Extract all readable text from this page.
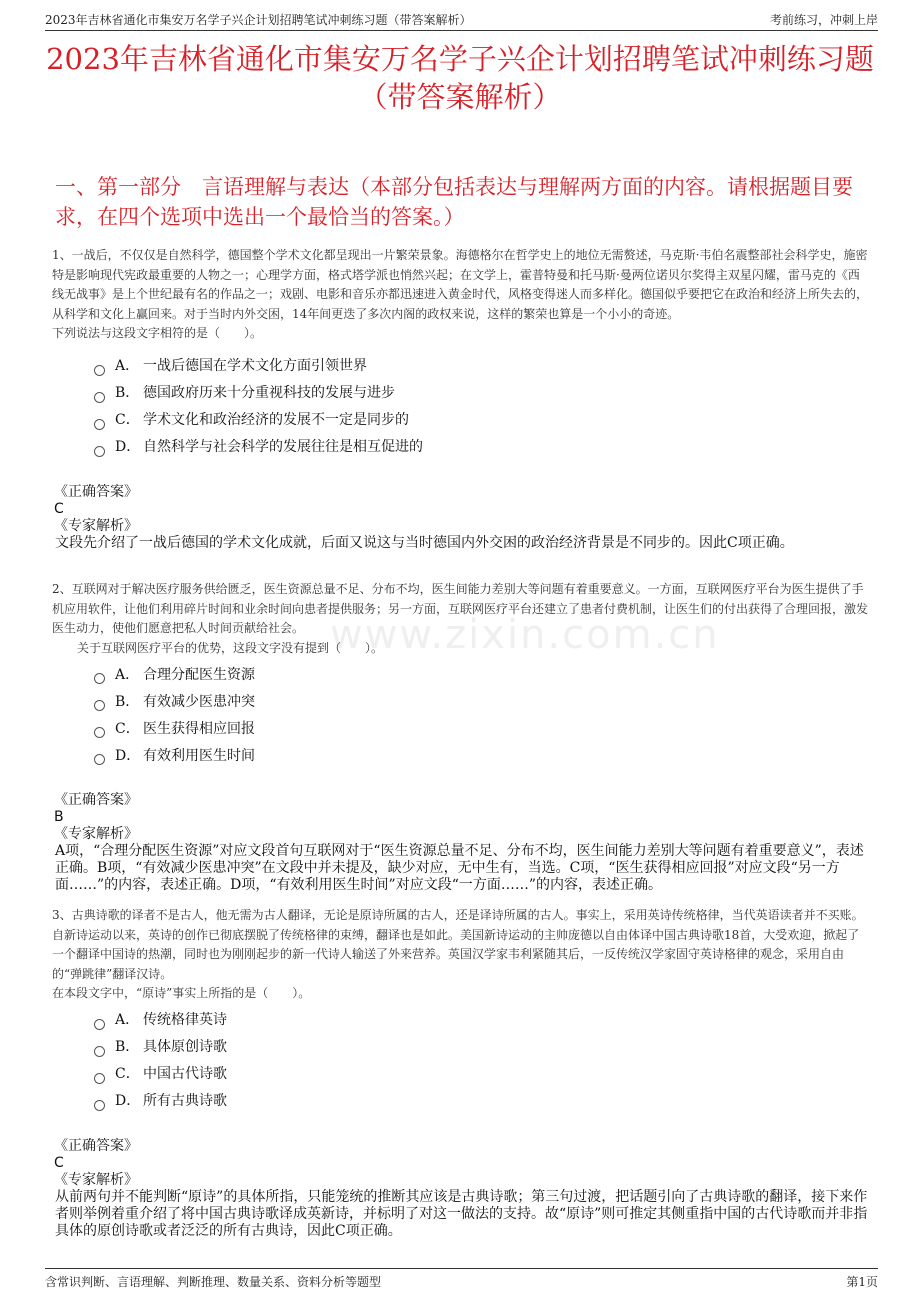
2023年吉林省通化市集安万名学子兴企计划招聘笔试冲刺练习题（带答案解析）	考前练习，冲刺上岸
2023年吉林省通化市集安万名学子兴企计划招聘笔试冲刺练习题（带答案解析）
一、第一部分　言语理解与表达（本部分包括表达与理解两方面的内容。请根据题目要求，在四个选项中选出一个最恰当的答案。）
www.zixin.com.cn

1、一战后，不仅仅是自然科学，德国整个学术文化都呈现出一片繁荣景象。海德格尔在哲学史上的地位无需赘述，马克斯·韦伯名震整部社会科学史，施密特是影响现代宪政最重要的人物之一；心理学方面，格式塔学派也悄然兴起；在文学上，霍普特曼和托马斯·曼两位诺贝尔奖得主双星闪耀，雷马克的《西线无战事》是上个世纪最有名的作品之一；戏剧、电影和音乐亦都迅速进入黄金时代，风格变得迷人而多样化。德国似乎要把它在政治和经济上所失去的，从科学和文化上赢回来。对于当时内外交困，14年间更迭了多次内阁的政权来说，这样的繁荣也算是一个小小的奇迹。

下列说法与这段文字相符的是（　　）。

A． 一战后德国在学术文化方面引领世界
B． 德国政府历来十分重视科技的发展与进步
C． 学术文化和政治经济的发展不一定是同步的
D． 自然科学与社会科学的发展往往是相互促进的
《正确答案》
C
《专家解析》
文段先介绍了一战后德国的学术文化成就，后面又说这与当时德国内外交困的政治经济背景是不同步的。因此C项正确。

2、互联网对于解决医疗服务供给匮乏，医生资源总量不足、分布不均，医生间能力差别大等问题有着重要意义。一方面，互联网医疗平台为医生提供了手机应用软件，让他们利用碎片时间和业余时间向患者提供服务；另一方面，互联网医疗平台还建立了患者付费机制，让医生们的付出获得了合理回报，激发医生动力，使他们愿意把私人时间贡献给社会。

关于互联网医疗平台的优势，这段文字没有提到（　　）。

A． 合理分配医生资源
B． 有效减少医患冲突
C． 医生获得相应回报
D． 有效利用医生时间
《正确答案》
B
《专家解析》
A项，“合理分配医生资源”对应文段首句互联网对于“医生资源总量不足、分布不均，医生间能力差别大等问题有着重要意义”，表述正确。B项，“有效减少医患冲突”在文段中并未提及，缺少对应，无中生有，当选。C项，“医生获得相应回报”对应文段“另一方面……”的内容，表述正确。D项，“有效利用医生时间”对应文段“一方面……”的内容，表述正确。

3、古典诗歌的译者不是古人，他无需为古人翻译，无论是原诗所属的古人，还是译诗所属的古人。事实上，采用英诗传统格律，当代英语读者并不买账。自新诗运动以来，英诗的创作已彻底摆脱了传统格律的束缚，翻译也是如此。美国新诗运动的主帅庞德以自由体译中国古典诗歌18首，大受欢迎，掀起了一个翻译中国诗的热潮，同时也为刚刚起步的新一代诗人输送了外来营养。英国汉学家韦利紧随其后，一反传统汉学家固守英诗格律的观念，采用自由的“弹跳律”翻译汉诗。

在本段文字中，“原诗”事实上所指的是（　　）。

A． 传统格律英诗
B． 具体原创诗歌
C． 中国古代诗歌
D． 所有古典诗歌
《正确答案》
C
《专家解析》
从前两句并不能判断“原诗”的具体所指，只能笼统的推断其应该是古典诗歌；第三句过渡，把话题引向了古典诗歌的翻译，接下来作者则举例着重介绍了将中国古典诗歌译成英新诗，并标明了对这一做法的支持。故“原诗”则可推定其侧重指中国的古代诗歌而并非指具体的原创诗歌或者泛泛的所有古典诗，因此C项正确。
含常识判断、言语理解、判断推理、数量关系、资料分析等题型	第1页
